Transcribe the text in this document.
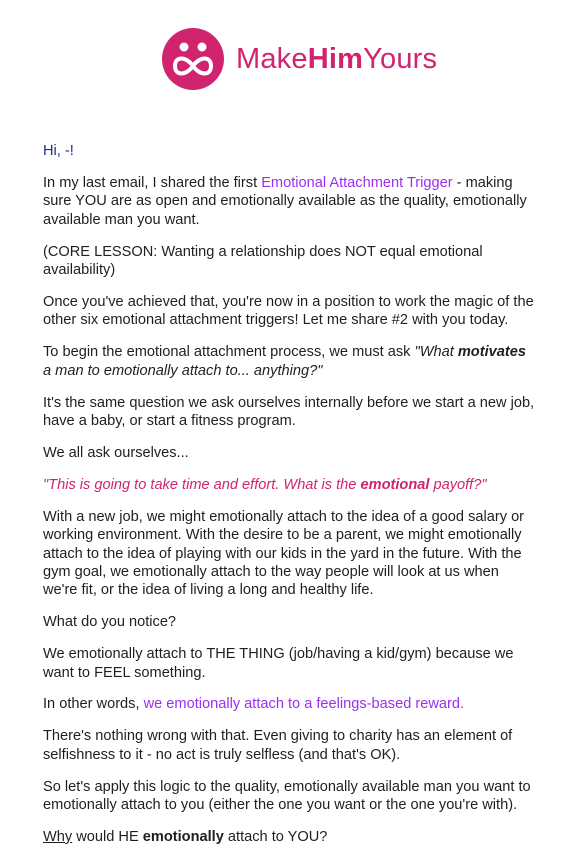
MakeHimYours

Hi, -!

In my last email, I shared the first Emotional Attachment Trigger - making sure YOU are as open and emotionally available as the quality, emotionally available man you want.

(CORE LESSON: Wanting a relationship does NOT equal emotional availability)

Once you've achieved that, you're now in a position to work the magic of the other six emotional attachment triggers! Let me share #2 with you today.

To begin the emotional attachment process, we must ask "What motivates a man to emotionally attach to... anything?"

It's the same question we ask ourselves internally before we start a new job, have a baby, or start a fitness program.

We all ask ourselves...

"This is going to take time and effort. What is the emotional payoff?"

With a new job, we might emotionally attach to the idea of a good salary or working environment. With the desire to be a parent, we might emotionally attach to the idea of playing with our kids in the yard in the future. With the gym goal, we emotionally attach to the way people will look at us when we're fit, or the idea of living a long and healthy life.

What do you notice?

We emotionally attach to THE THING (job/having a kid/gym) because we want to FEEL something.

In other words, we emotionally attach to a feelings-based reward.

There's nothing wrong with that. Even giving to charity has an element of selfishness to it - no act is truly selfless (and that's OK).

So let's apply this logic to the quality, emotionally available man you want to emotionally attach to you (either the one you want or the one you're with).

Why would HE emotionally attach to YOU?
